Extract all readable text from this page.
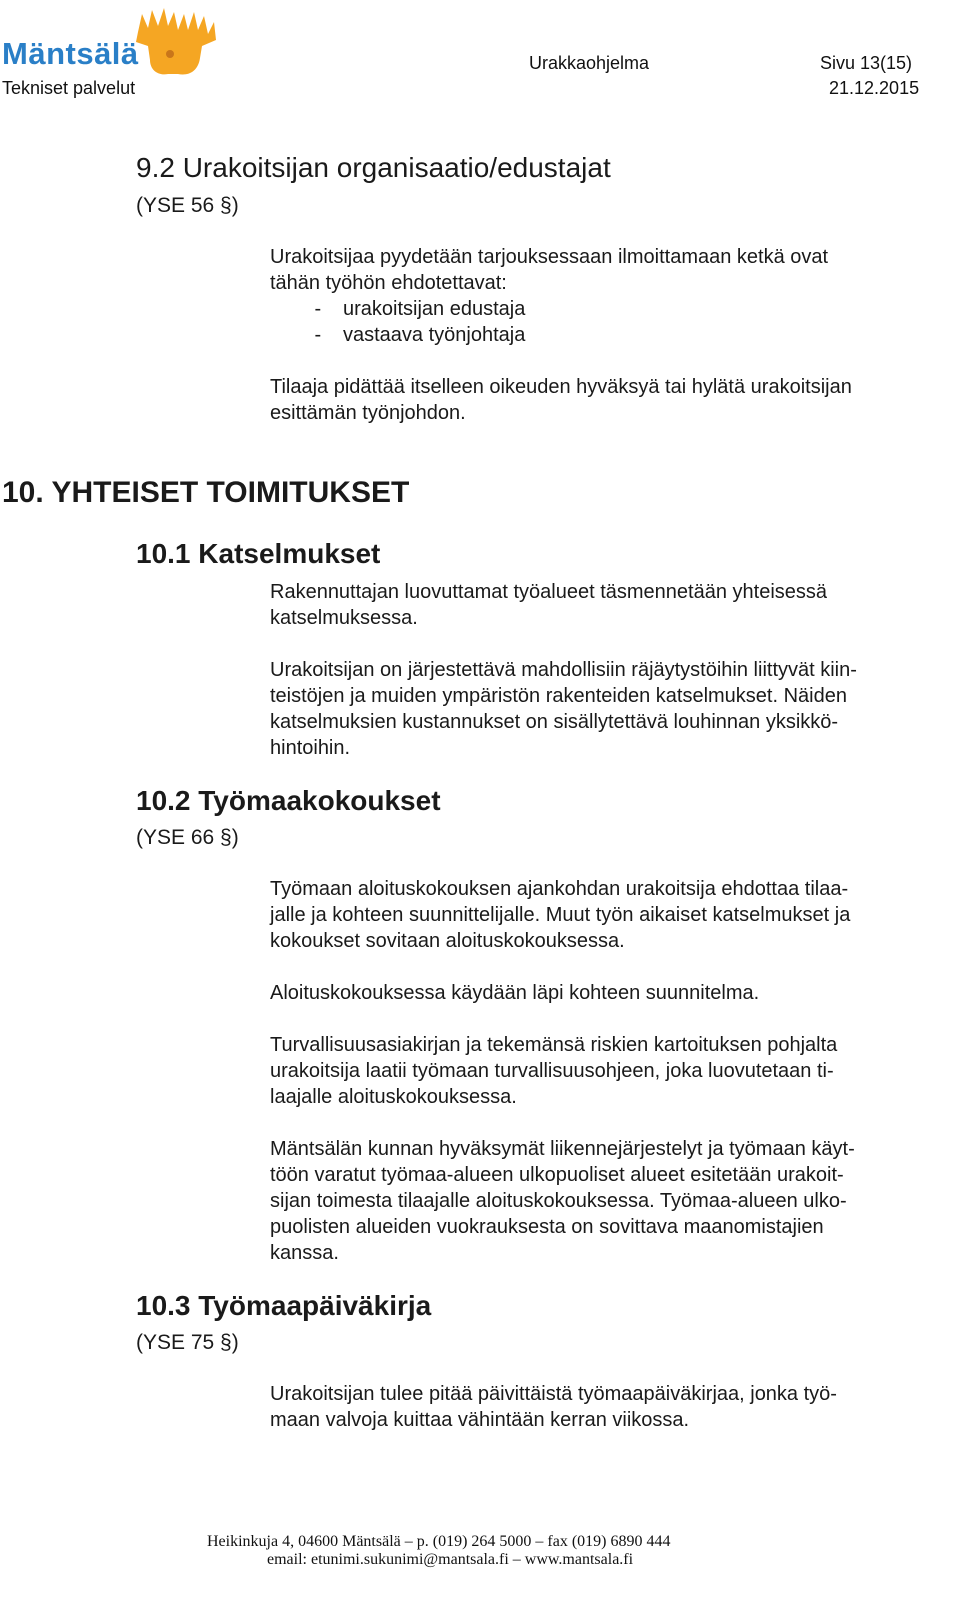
Mäntsälä
Tekniset palvelut
Urakkaohjelma	Sivu 13(15)
21.12.2015
9.2 Urakoitsijan organisaatio/edustajat
(YSE 56 §)
Urakoitsijaa pyydetään tarjouksessaan ilmoittamaan ketkä ovat
tähän työhön ehdotettavat:
- urakoitsijan edustaja
- vastaava työnjohtaja
Tilaaja pidättää itselleen oikeuden hyväksyä tai hylätä urakoitsijan
esittämän työnjohdon.
10. YHTEISET TOIMITUKSET
10.1 Katselmukset
Rakennuttajan luovuttamat työalueet täsmennetään yhteisessä
katselmuksessa.
Urakoitsijan on järjestettävä mahdollisiin räjäytystöihin liittyvät kiin-
teistöjen ja muiden ympäristön rakenteiden katselmukset. Näiden
katselmuksien kustannukset on sisällytettävä louhinnan yksikkö-
hintoihin.
10.2 Työmaakokoukset
(YSE 66 §)
Työmaan aloituskokouksen ajankohdan urakoitsija ehdottaa tilaa-
jalle ja kohteen suunnittelijalle. Muut työn aikaiset katselmukset ja
kokoukset sovitaan aloituskokouksessa.
Aloituskokouksessa käydään läpi kohteen suunnitelma.
Turvallisuusasiakirjan ja tekemänsä riskien kartoituksen pohjalta
urakoitsija laatii työmaan turvallisuusohjeen, joka luovutetaan ti-
laajalle aloituskokouksessa.
Mäntsälän kunnan hyväksymät liikennejärjestelyt ja työmaan käyt-
töön varatut työmaa-alueen ulkopuoliset alueet esitetään urakoit-
sijan toimesta tilaajalle aloituskokouksessa. Työmaa-alueen ulko-
puolisten alueiden vuokrauksesta on sovittava maanomistajien
kanssa.
10.3 Työmaapäiväkirja
(YSE 75 §)
Urakoitsijan tulee pitää päivittäistä työmaapäiväkirjaa, jonka työ-
maan valvoja kuittaa vähintään kerran viikossa.
Heikinkuja 4, 04600 Mäntsälä – p. (019) 264 5000 – fax (019) 6890 444
email: etunimi.sukunimi@mantsala.fi – www.mantsala.fi
